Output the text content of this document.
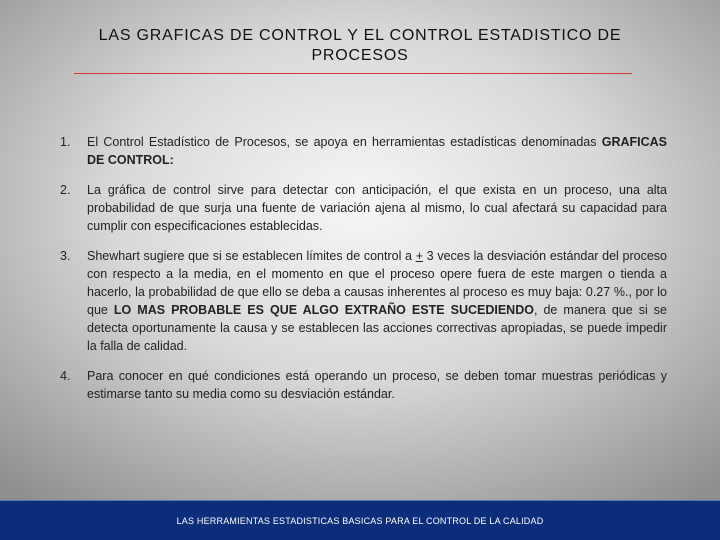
LAS GRAFICAS DE CONTROL Y EL CONTROL ESTADISTICO DE
PROCESOS
1. El Control Estadístico de Procesos, se apoya en herramientas estadísticas denominadas GRAFICAS DE CONTROL:
2. La gráfica de control sirve para detectar con anticipación, el que exista en un proceso, una alta probabilidad de que surja una fuente de variación ajena al mismo, lo cual afectará su capacidad para cumplir con especificaciones establecidas.
3. Shewhart sugiere que si se establecen límites de control a + 3 veces la desviación estándar del proceso con respecto a la media, en el momento en que el proceso opere fuera de este margen o tienda a hacerlo, la probabilidad de que ello se deba a causas inherentes al proceso es muy baja: 0.27 %., por lo que LO MAS PROBABLE ES QUE ALGO EXTRAÑO ESTE SUCEDIENDO, de manera que si se detecta oportunamente la causa y se establecen las acciones correctivas apropiadas, se puede impedir la falla de calidad.
4. Para conocer en qué condiciones está operando un proceso, se deben tomar muestras periódicas y estimarse tanto su media como su desviación estándar.
LAS HERRAMIENTAS ESTADISTICAS BASICAS PARA EL CONTROL DE LA CALIDAD
